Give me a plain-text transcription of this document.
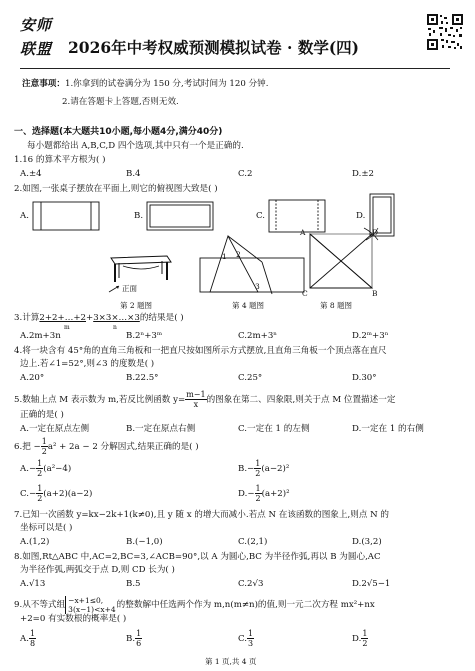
安师
联盟 2026年中考权威预测模拟试卷 · 数学(四)
注意事项：1.你拿到的试卷满分为 150 分,考试时间为 120 分钟.
2.请在答题卡上答题,否则无效.
一、选择题(本大题共10小题,每小题4分,满分40分)
每小题都给出 A,B,C,D 四个选项,其中只有一个是正确的.
1.16 的算术平方根为( )
A.±4	B.4	C.2	D.±2
2.如图,一张桌子摆放在平面上,则它的俯视图大致是( )
A.	B.	C.	D.
正面
第 2 题图
1 2
3
第 4 题图
A	D
C	B
第 8 题图
3.计算2+2+…+2+3×3×…×3的结果是( )
m	n
A.2m+3n	B.2ⁿ+3ᵐ	C.2m+3ⁿ	D.2ᵐ+3ⁿ
4.将一块含有 45°角的直角三角板和一把直尺按如图所示方式摆放,且直角三角板一个顶点落在直尺
边上.若∠1=52°,则∠3 的度数是( )
A.20°	B.22.5°	C.25°	D.30°
5.数轴上点 M 表示数为 m,若反比例函数 $y= \frac{m-1}{x}$ 的图象在第二、四象限,则关于点 M 位置描述一定
正确的是( )
A.一定在原点左侧	B.一定在原点右侧	C.一定在 1 的左侧	D.一定在 1 的右侧
6.把 − $\frac{1}{2} a^2 + 2a - 2$ 分解因式,结果正确的是( )
$A.- \frac{1}{2} (a^2-4)$	$B.- \frac{1}{2} (a-2)^2$
$C.- \frac{1}{2} (a+2)(a-2)$	$D.- \frac{1}{2} (a+2)^2$
7.已知一次函数 y=kx−2k+1(k≠0),且 y 随 x 的增大而减小.若点 N 在该函数的图象上,则点 N 的
坐标可以是( )
A.(1,2)	B.(−1,0)	C.(2,1)	D.(3,2)
8.如图,Rt△ABC 中,AC=2,BC=3,∠ACB=90°,以 A 为圆心,BC 为半径作弧,再以 B 为圆心,AC
为半径作弧,两弧交于点 D,则 CD 长为( )
A.√13	B.5	C.2√3	D.2√5−1
9.从不等式组 −x+1≤0,
3(x−1)<x+4 的整数解中任选两个作为 m,n(m≠n)的值,则一元二次方程 mx²+nx
+2=0 有实数根的概率是( )
A. $\frac{1}{8}$	B. $\frac{1}{6}$	C. $\frac{1}{3}$	D. $\frac{1}{2}$
第 1 页,共 4 页
